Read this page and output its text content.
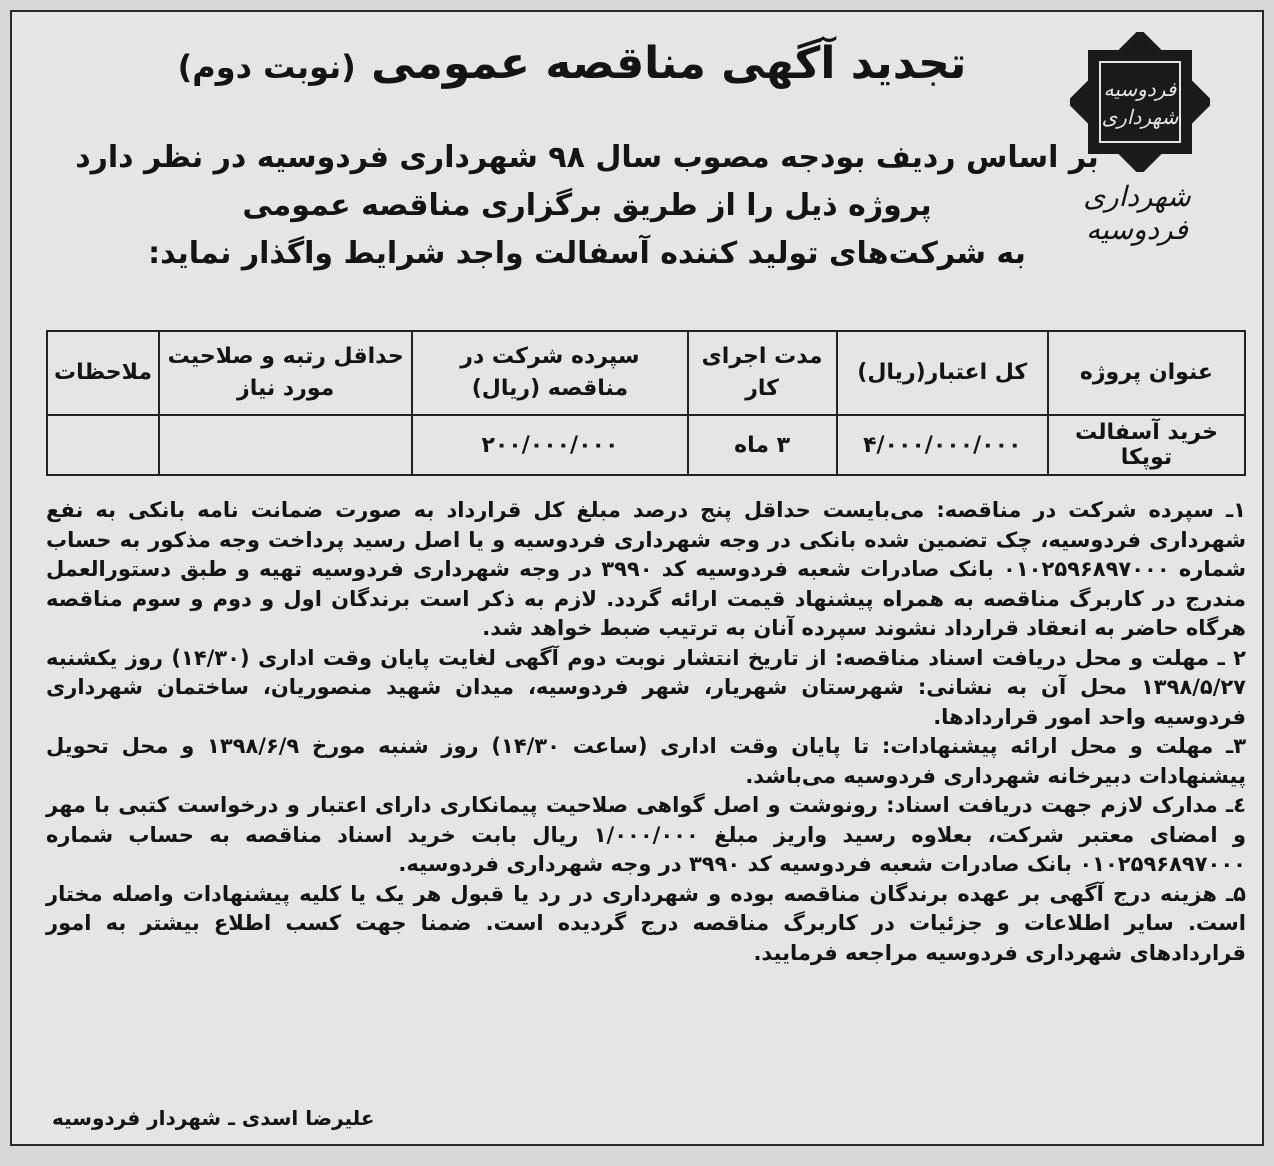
فردوسیه
شهرداری
شهرداری فردوسیه
تجدید آگهی مناقصه عمومی (نوبت دوم)
بر اساس ردیف بودجه مصوب سال ۹۸ شهرداری فردوسیه در نظر دارد
پروژه ذیل را از طریق برگزاری مناقصه عمومی
به شرکت‌های تولید کننده آسفالت واجد شرایط واگذار نماید:
عنوان پروژه	کل اعتبار(ریال)	مدت اجرای کار	سپرده شرکت در مناقصه (ریال)	حداقل رتبه و صلاحیت مورد نیاز	ملاحظات
خرید آسفالت توپکا	۴/۰۰۰/۰۰۰/۰۰۰	۳ ماه	۲۰۰/۰۰۰/۰۰۰		

۱ـ سپرده شرکت در مناقصه: می‌بایست حداقل پنج درصد مبلغ کل قرارداد به صورت ضمانت نامه بانکی به نفع شهرداری فردوسیه، چک تضمین شده بانکی در وجه شهرداری فردوسیه و یا اصل رسید پرداخت وجه مذکور به حساب شماره ۰۱۰۲۵۹۶۸۹۷۰۰۰ بانک صادرات شعبه فردوسیه کد ۳۹۹۰ در وجه شهرداری فردوسیه تهیه و طبق دستورالعمل مندرج در کاربرگ مناقصه به همراه پیشنهاد قیمت ارائه گردد. لازم به ذکر است برندگان اول و دوم و سوم مناقصه هرگاه حاضر به انعقاد قرارداد نشوند سپرده آنان به ترتیب ضبط خواهد شد.

۲ ـ مهلت و محل دریافت اسناد مناقصه: از تاریخ انتشار نوبت دوم آگهی لغایت پایان وقت اداری (۱۴/۳۰) روز یکشنبه ۱۳۹۸/۵/۲۷ محل آن به نشانی: شهرستان شهریار، شهر فردوسیه، میدان شهید منصوریان، ساختمان شهرداری فردوسیه واحد امور قراردادها.

۳ـ مهلت و محل ارائه پیشنهادات: تا پایان وقت اداری (ساعت ۱۴/۳۰) روز شنبه مورخ ۱۳۹۸/۶/۹ و محل تحویل پیشنهادات دبیرخانه شهرداری فردوسیه می‌باشد.

٤ـ مدارک لازم جهت دریافت اسناد: رونوشت و اصل گواهی صلاحیت پیمانکاری دارای اعتبار و درخواست کتبی با مهر و امضای معتبر شرکت، بعلاوه رسید واریز مبلغ ۱/۰۰۰/۰۰۰ ریال بابت خرید اسناد مناقصه به حساب شماره ۰۱۰۲۵۹۶۸۹۷۰۰۰ بانک صادرات شعبه فردوسیه کد ۳۹۹۰ در وجه شهرداری فردوسیه.

۵ـ هزینه درج آگهی بر عهده برندگان مناقصه بوده و شهرداری در رد یا قبول هر یک یا کلیه پیشنهادات واصله مختار است. سایر اطلاعات و جزئیات در کاربرگ مناقصه درج گردیده است. ضمنا جهت کسب اطلاع بیشتر به امور قراردادهای شهرداری فردوسیه مراجعه فرمایید.

علیرضا اسدی ـ شهردار فردوسیه
